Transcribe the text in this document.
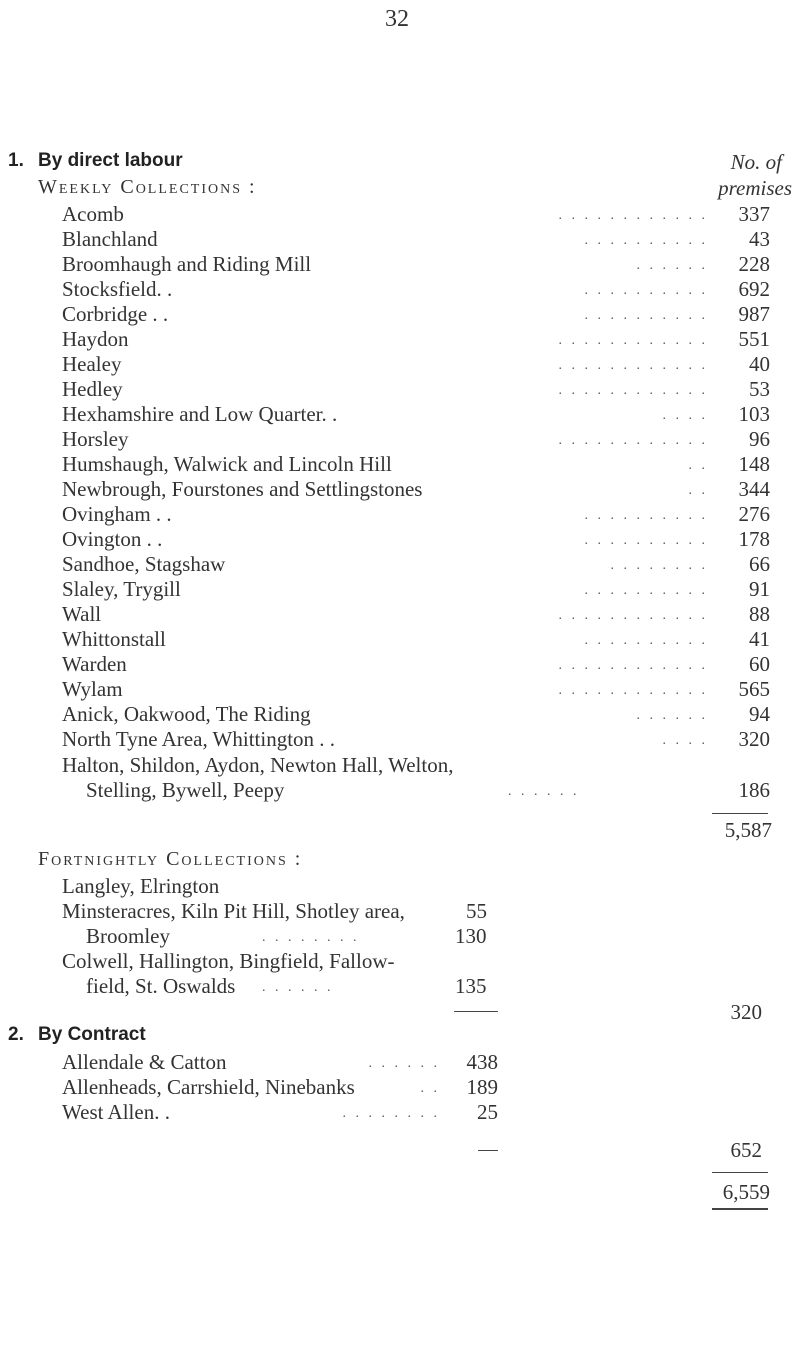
32
1. By direct labour
Weekly Collections :
No. of
premises
Acomb	. . . . . . . . . . . . 337
Blanchland	. . . . . . . . . . 43
Broomhaugh and Riding Mill	. . . . . . 228
Stocksfield. .	. . . . . . . . . . 692
Corbridge . .	. . . . . . . . . . 987
Haydon	. . . . . . . . . . . . 551
Healey	. . . . . . . . . . . . 40
Hedley	. . . . . . . . . . . . 53
Hexhamshire and Low Quarter. .	. . . . 103
Horsley	. . . . . . . . . . . . 96
Humshaugh, Walwick and Lincoln Hill	. . 148
Newbrough, Fourstones and Settlingstones	. . 344
Ovingham . .	. . . . . . . . . . 276
Ovington . .	. . . . . . . . . . 178
Sandhoe, Stagshaw	. . . . . . . . 66
Slaley, Trygill	. . . . . . . . . . 91
Wall	. . . . . . . . . . . . 88
Whittonstall	. . . . . . . . . . 41
Warden	. . . . . . . . . . . . 60
Wylam	. . . . . . . . . . . . 565
Anick, Oakwood, The Riding	. . . . . . 94
North Tyne Area, Whittington . .	. . . . 320
Halton, Shildon, Aydon, Newton Hall, Welton,
Stelling, Bywell, Peepy	. . . . . .	186
5,587
Fortnightly Collections :
Langley, Elrington
Minsteracres, Kiln Pit Hill, Shotley area,	55
Broomley	. . . . . . . .	130
Colwell, Hallington, Bingfield, Fallow-
field, St. Oswalds . . . . . .	135
320
2. By Contract
Allendale & Catton	. . . . . . 438
Allenheads, Carrshield, Ninebanks	. . 189
West Allen. .	. . . . . . . . 25
652
6,559
